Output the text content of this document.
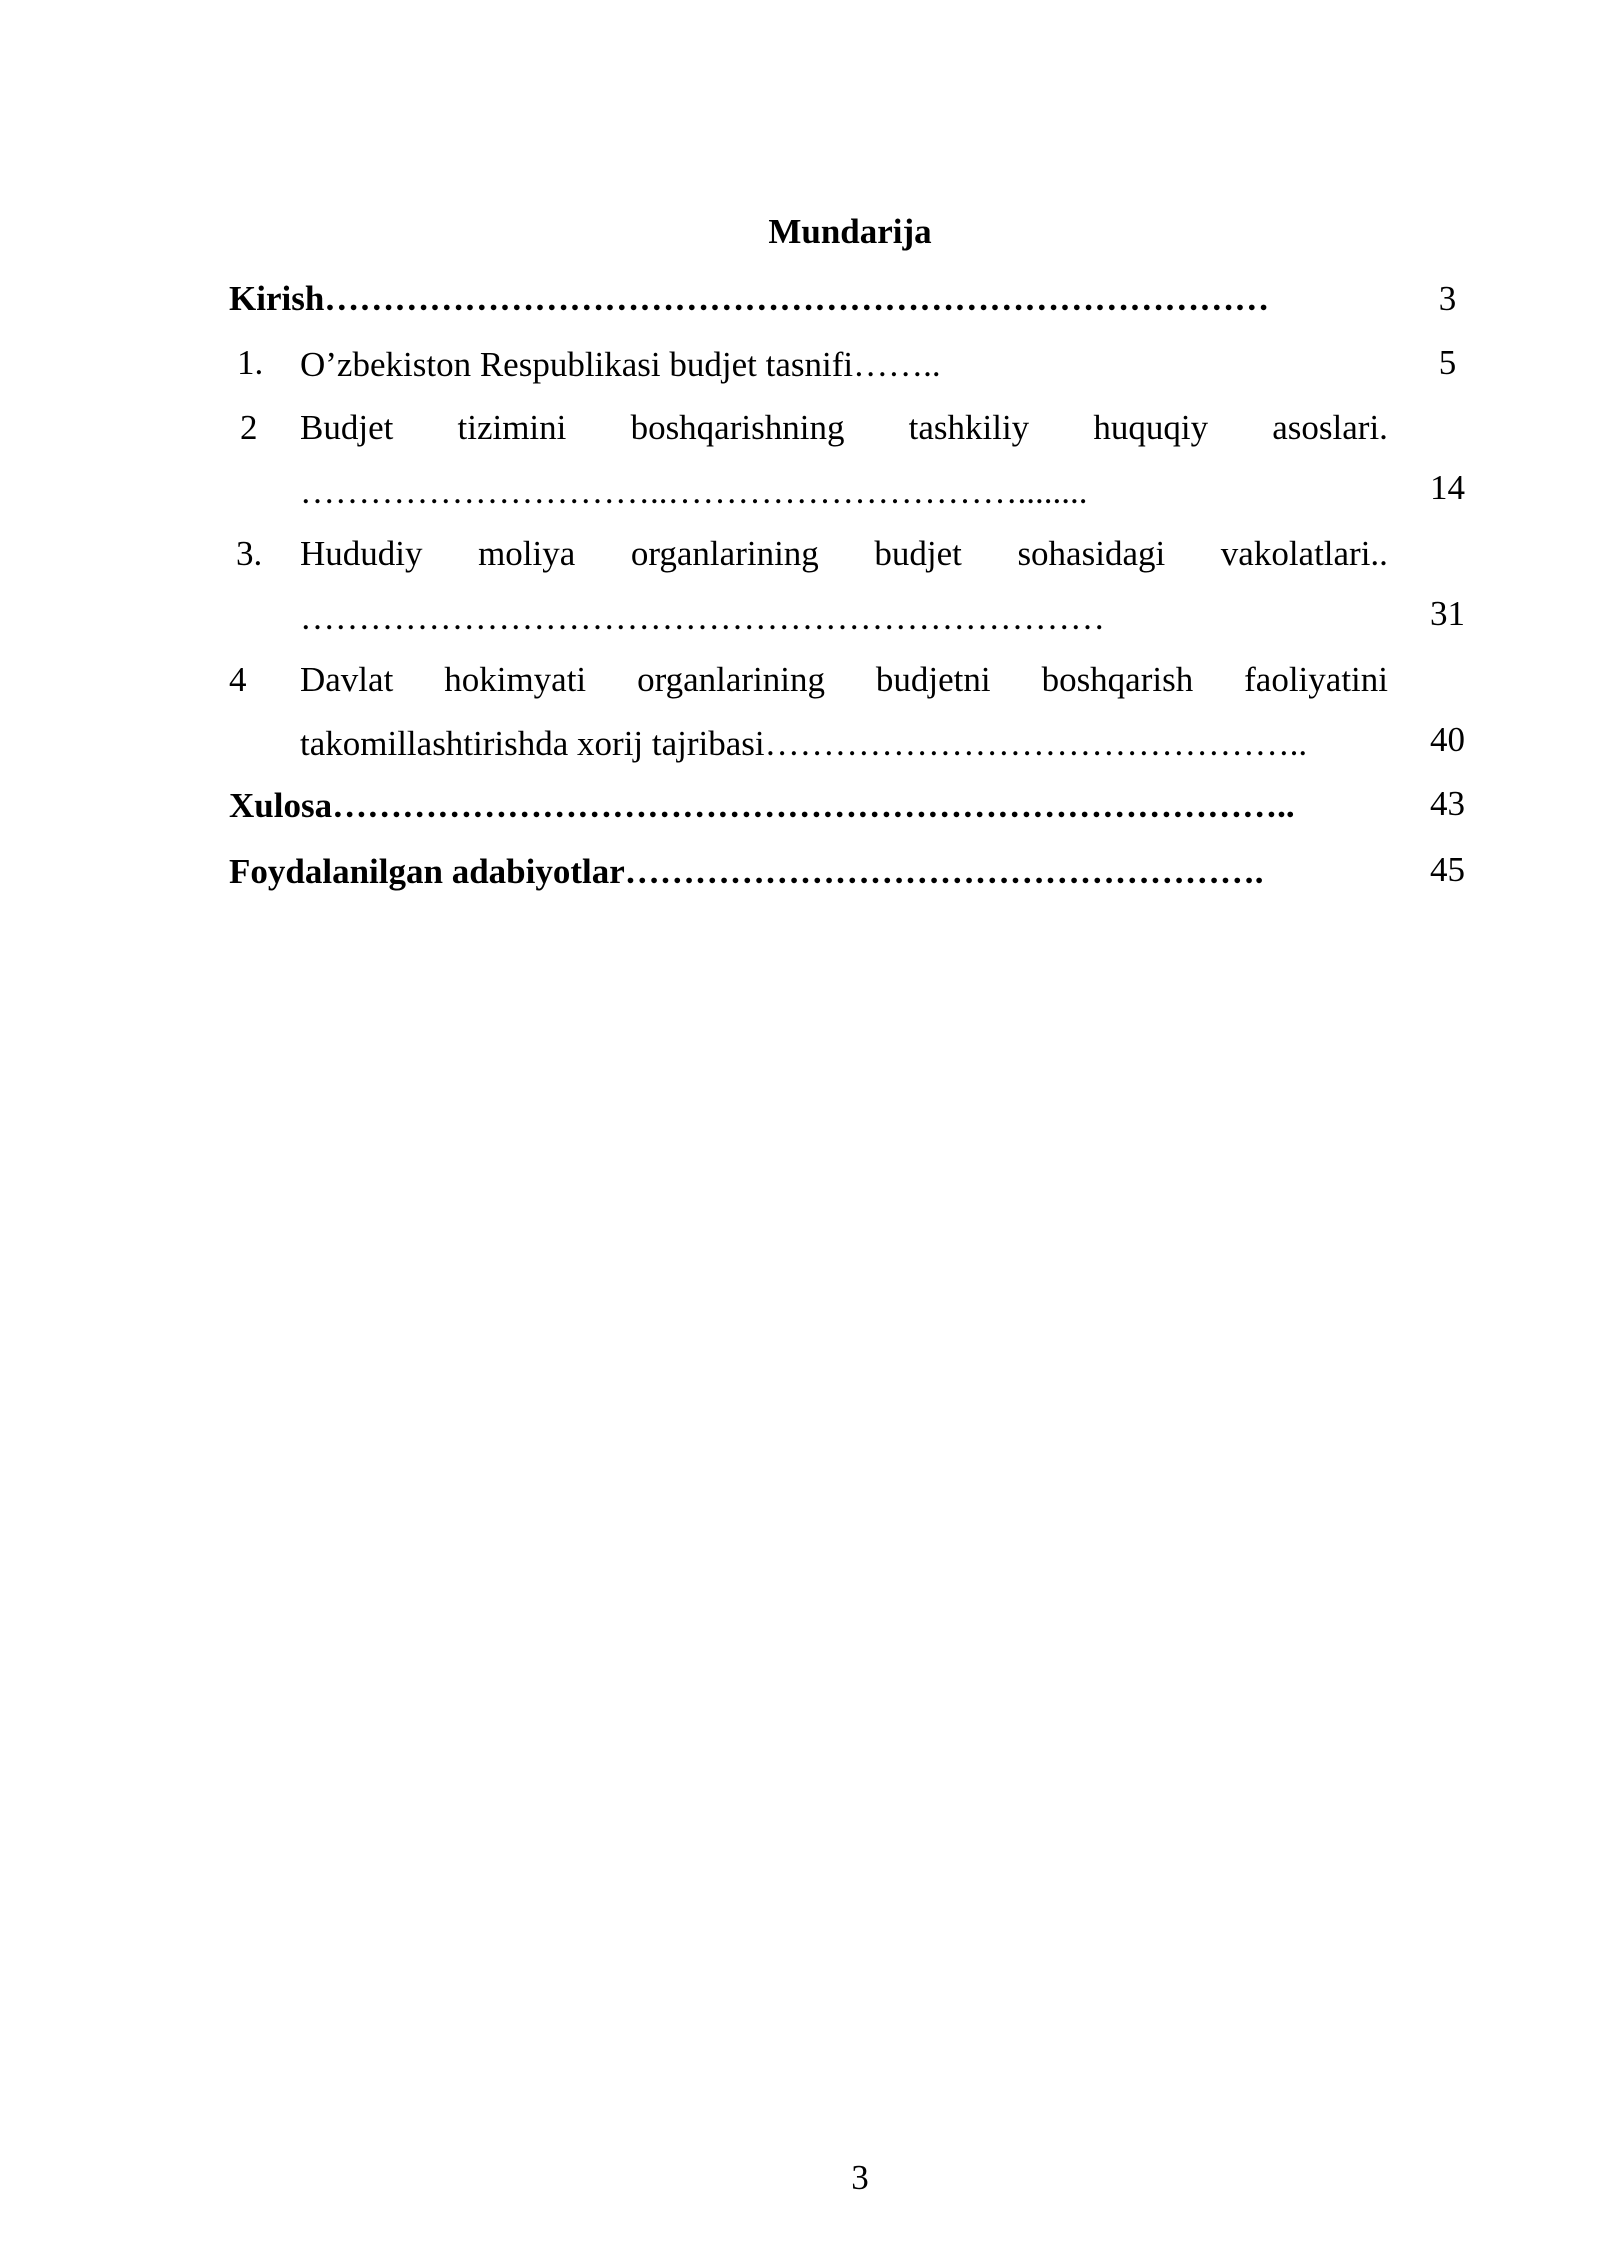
Mundarija
Kirish………………………………………………………………………	3
1. O’zbekiston Respublikasi budjet tasnifi……..	5
2 Budjet tizimini boshqarishning tashkiliy huquqiy asoslari.
…………………………..…………………………........	14
3. Hududiy moliya organlarining budjet sohasidagi vakolatlari..
……………………………………………………………	31
4 Davlat hokimyati organlarining budjetni boshqarish faoliyatini
takomillashtirishda xorij tajribasi………………………………………..	40
Xulosa………………………………………………………………………..	43
Foydalanilgan adabiyotlar……………………………………………….	45
3
